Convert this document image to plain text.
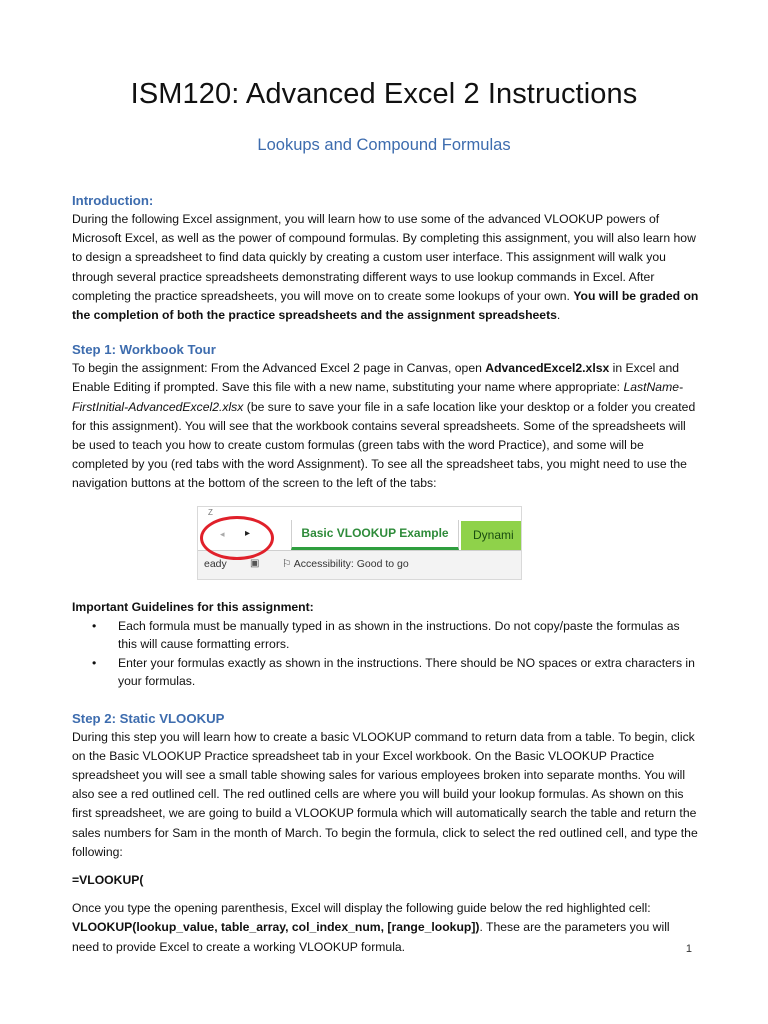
ISM120: Advanced Excel 2 Instructions
Lookups and Compound Formulas
Introduction:

During the following Excel assignment, you will learn how to use some of the advanced VLOOKUP powers of Microsoft Excel, as well as the power of compound formulas. By completing this assignment, you will also learn how to design a spreadsheet to find data quickly by creating a custom user interface. This assignment will walk you through several practice spreadsheets demonstrating different ways to use lookup commands in Excel. After completing the practice spreadsheets, you will move on to create some lookups of your own. You will be graded on the completion of both the practice spreadsheets and the assignment spreadsheets.

Step 1: Workbook Tour

To begin the assignment: From the Advanced Excel 2 page in Canvas, open AdvancedExcel2.xlsx in Excel and Enable Editing if prompted. Save this file with a new name, substituting your name where appropriate: LastName-FirstInitial-AdvancedExcel2.xlsx (be sure to save your file in a safe location like your desktop or a folder you created for this assignment). You will see that the workbook contains several spreadsheets. Some of the spreadsheets will be used to teach you how to create custom formulas (green tabs with the word Practice), and some will be completed by you (red tabs with the word Assignment). To see all the spreadsheet tabs, you might need to use the navigation buttons at the bottom of the screen to the left of the tabs:

Z
◂ ▸	Basic VLOOKUP Example	Dynami
eady ▣ ⚐ Accessibility: Good to go

Important Guidelines for this assignment:

• Each formula must be manually typed in as shown in the instructions. Do not copy/paste the formulas as this will cause formatting errors.
• Enter your formulas exactly as shown in the instructions. There should be NO spaces or extra characters in your formulas.
Step 2: Static VLOOKUP

During this step you will learn how to create a basic VLOOKUP command to return data from a table. To begin, click on the Basic VLOOKUP Practice spreadsheet tab in your Excel workbook. On the Basic VLOOKUP Practice spreadsheet you will see a small table showing sales for various employees broken into separate months. You will also see a red outlined cell. The red outlined cells are where you will build your lookup formulas. As shown on this first spreadsheet, we are going to build a VLOOKUP formula which will automatically search the table and return the sales numbers for Sam in the month of March. To begin the formula, click to select the red outlined cell, and type the following:

=VLOOKUP(

Once you type the opening parenthesis, Excel will display the following guide below the red highlighted cell: VLOOKUP(lookup_value, table_array, col_index_num, [range_lookup]). These are the parameters you will need to provide Excel to create a working VLOOKUP formula.	1
